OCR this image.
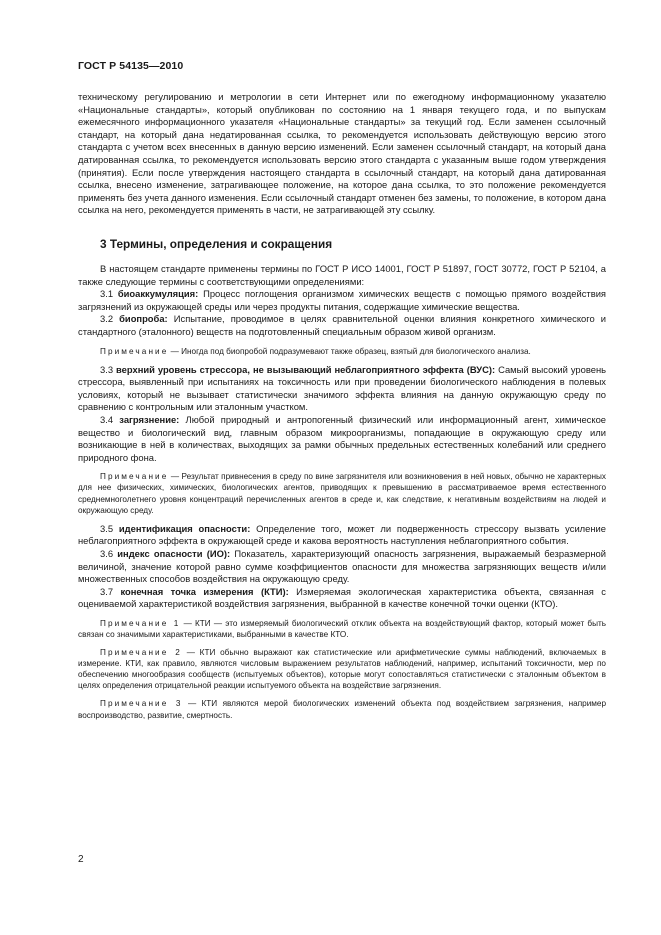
ГОСТ Р 54135—2010

техническому регулированию и метрологии в сети Интернет или по ежегодному информационному указателю «Национальные стандарты», который опубликован по состоянию на 1 января текущего года, и по выпускам ежемесячного информационного указателя «Национальные стандарты» за текущий год. Если заменен ссылочный стандарт, на который дана недатированная ссылка, то рекомендуется использовать действующую версию этого стандарта с учетом всех внесенных в данную версию изменений. Если заменен ссылочный стандарт, на который дана датированная ссылка, то рекомендуется использовать версию этого стандарта с указанным выше годом утверждения (принятия). Если после утверждения настоящего стандарта в ссылочный стандарт, на который дана датированная ссылка, внесено изменение, затрагивающее положение, на которое дана ссылка, то это положение рекомендуется применять без учета данного изменения. Если ссылочный стандарт отменен без замены, то положение, в котором дана ссылка на него, рекомендуется применять в части, не затрагивающей эту ссылку.

3 Термины, определения и сокращения

В настоящем стандарте применены термины по ГОСТ Р ИСО 14001, ГОСТ Р 51897, ГОСТ 30772, ГОСТ Р 52104, а также следующие термины с соответствующими определениями:

3.1 биоаккумуляция: Процесс поглощения организмом химических веществ с помощью прямого воздействия загрязнений из окружающей среды или через продукты питания, содержащие химические вещества.

3.2 биопроба: Испытание, проводимое в целях сравнительной оценки влияния конкретного химического и стандартного (эталонного) веществ на подготовленный специальным образом живой организм.

Примечание — Иногда под биопробой подразумевают также образец, взятый для биологического анализа.

3.3 верхний уровень стрессора, не вызывающий неблагоприятного эффекта (ВУС): Самый высокий уровень стрессора, выявленный при испытаниях на токсичность или при проведении биологического наблюдения в полевых условиях, который не вызывает статистически значимого эффекта влияния на данную окружающую среду по сравнению с контрольным или эталонным участком.

3.4 загрязнение: Любой природный и антропогенный физический или информационный агент, химическое вещество и биологический вид, главным образом микроорганизмы, попадающие в окружающую среду или возникающие в ней в количествах, выходящих за рамки обычных предельных естественных колебаний или среднего природного фона.

Примечание — Результат привнесения в среду по вине загрязнителя или возникновения в ней новых, обычно не характерных для нее физических, химических, биологических агентов, приводящих к превышению в рассматриваемое время естественного среднемноголетнего уровня концентраций перечисленных агентов в среде и, как следствие, к негативным воздействиям на людей и окружающую среду.

3.5 идентификация опасности: Определение того, может ли подверженность стрессору вызвать усиление неблагоприятного эффекта в окружающей среде и какова вероятность наступления неблагоприятного события.

3.6 индекс опасности (ИО): Показатель, характеризующий опасность загрязнения, выражаемый безразмерной величиной, значение которой равно сумме коэффициентов опасности для множества загрязняющих веществ и/или множественных способов воздействия на окружающую среду.

3.7 конечная точка измерения (КТИ): Измеряемая экологическая характеристика объекта, связанная с оцениваемой характеристикой воздействия загрязнения, выбранной в качестве конечной точки оценки (КТО).

Примечание 1 — КТИ — это измеряемый биологический отклик объекта на воздействующий фактор, который может быть связан со значимыми характеристиками, выбранными в качестве КТО.

Примечание 2 — КТИ обычно выражают как статистические или арифметические суммы наблюдений, включаемых в измерение. КТИ, как правило, являются числовым выражением результатов наблюдений, например, испытаний токсичности, мер по обеспечению многообразия сообществ (испытуемых объектов), которые могут сопоставляться статистически с эталонным объектом в целях определения отрицательной реакции испытуемого объекта на воздействие загрязнения.

Примечание 3 — КТИ являются мерой биологических изменений объекта под воздействием загрязнения, например воспроизводство, развитие, смертность.

2
